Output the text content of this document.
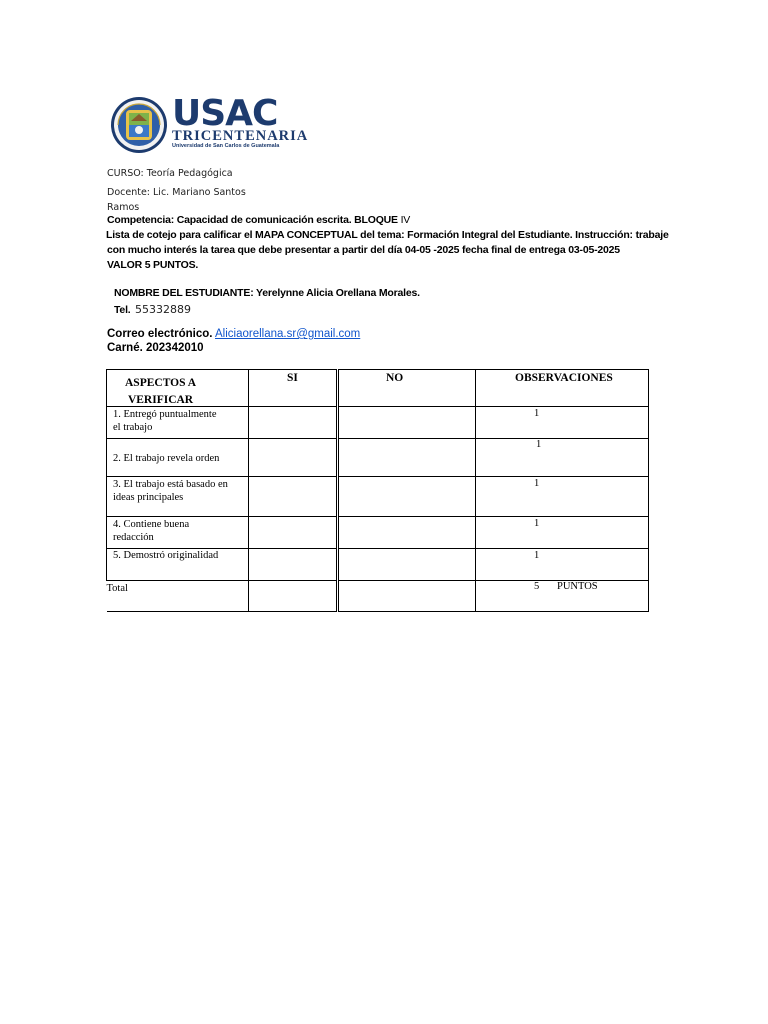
USAC
TRICENTENARIA
Universidad de San Carlos de Guatemala
CURSO: Teoría Pedagógica
Docente: Lic. Mariano Santos
Ramos
Competencia: Capacidad de comunicación escrita. BLOQUE IV
Lista de cotejo para calificar el MAPA CONCEPTUAL del tema: Formación Integral del Estudiante. Instrucción: trabaje
con mucho interés la tarea que debe presentar a partir del día 04-05 -2025 fecha final de entrega 03-05-2025
VALOR 5 PUNTOS.
NOMBRE DEL ESTUDIANTE: Yerelynne Alicia Orellana Morales.
Tel. 55332889
Correo electrónico. Aliciaorellana.sr@gmail.com
Carné. 202342010
ASPECTOS A
VERIFICAR	SI	NO	OBSERVACIONES

1. Entregó puntualmente
el trabajo			1

2. El trabajo revela orden			1

3. El trabajo está basado en
ideas principales			1

4. Contiene buena
redacción			1

5. Demostró originalidad			1

Total			5 PUNTOS
